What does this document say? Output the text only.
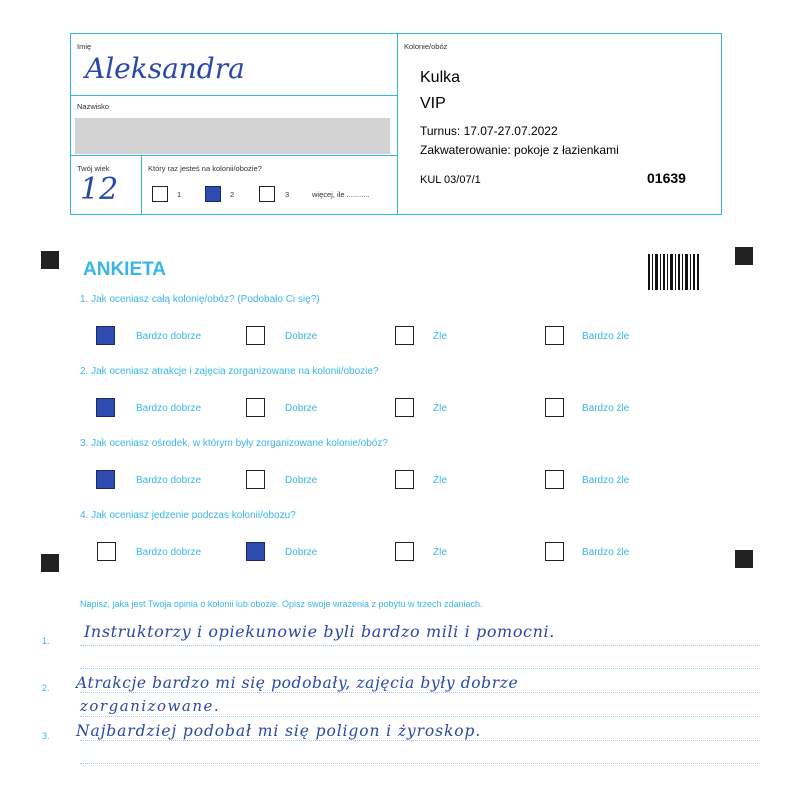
Imię
Aleksandra
Nazwisko
Twój wiek
12
Który raz jesteś na kolonii/obozie?
1	2	3	więcej, ile ...........
Kolonie/obóz
Kulka
VIP
Turnus: 17.07-27.07.2022
Zakwaterowanie: pokoje z łazienkami
KUL 03/07/1	01639
ANKIETA
1. Jak oceniasz całą kolonię/obóz? (Podobało Ci się?)
Bardzo dobrze	Dobrze	Źle	Bardzo źle
2. Jak oceniasz atrakcje i zajęcia zorganizowane na kolonii/obozie?
Bardzo dobrze	Dobrze	Źle	Bardzo źle
3. Jak oceniasz ośrodek, w którym były zorganizowane kolonie/obóz?
Bardzo dobrze	Dobrze	Źle	Bardzo źle
4. Jak oceniasz jedzenie podczas kolonii/obozu?
Bardzo dobrze	Dobrze	Źle	Bardzo źle
Napisz, jaka jest Twoja opinia o kolonii lub obozie. Opisz swoje wrażenia z pobytu w trzech zdaniach.
1.
2.
3.
Instruktorzy i opiekunowie byli bardzo mili i pomocni.
Atrakcje bardzo mi się podobały, zajęcia były dobrze
zorganizowane.
Najbardziej podobał mi się poligon i żyroskop.
